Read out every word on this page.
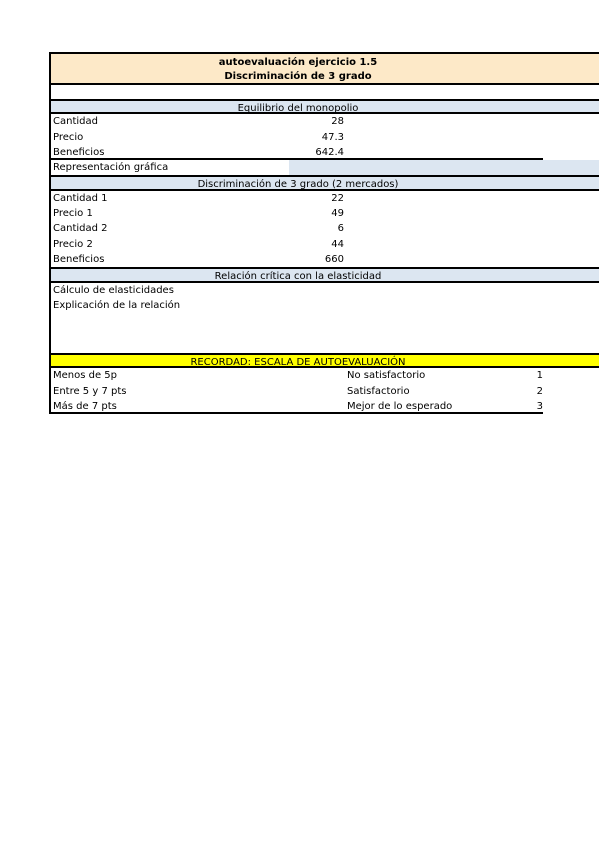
autoevaluación ejercicio 1.5
Discriminación de 3 grado
Equilibrio del monopolio
Cantidad	28
Precio	47.3
Beneficios	642.4
Representación gráfica
Discriminación de 3 grado (2 mercados)
Cantidad 1	22
Precio 1	49
Cantidad 2	6
Precio 2	44
Beneficios	660
Relación crítica con la elasticidad
Cálculo de elasticidades
Explicación de la relación
RECORDAD: ESCALA DE AUTOEVALUACIÓN
Menos de 5p	No satisfactorio	1
Entre 5 y 7 pts	Satisfactorio	2
Más de 7 pts	Mejor de lo esperado	3
